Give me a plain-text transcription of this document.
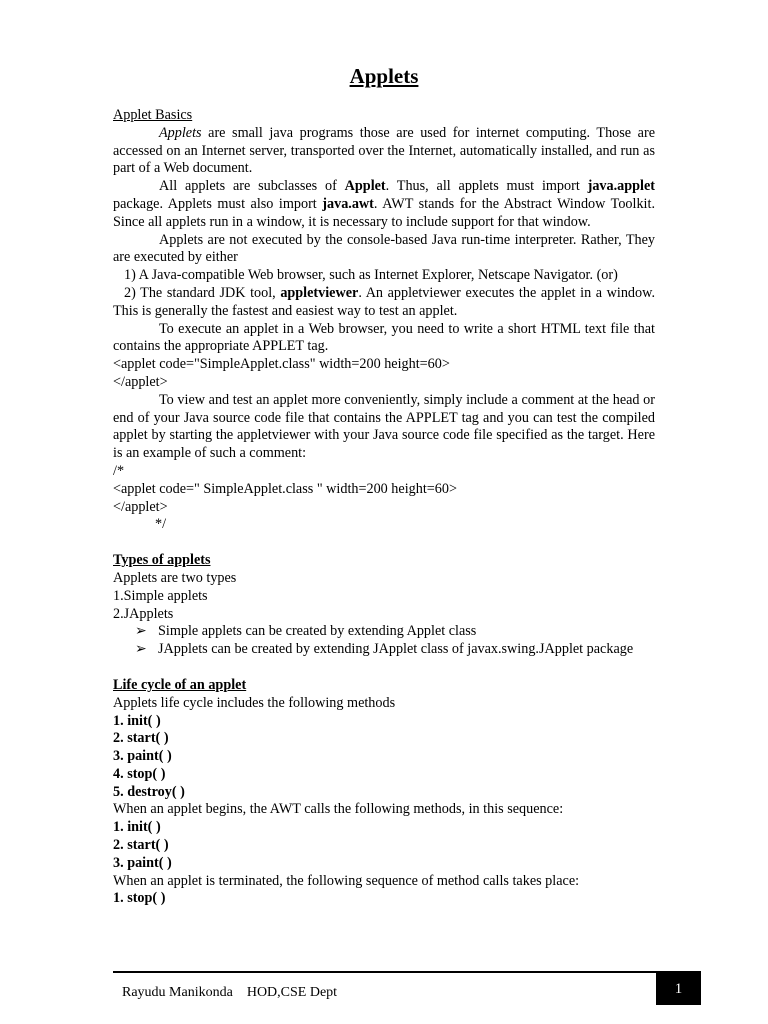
Applets

Applet Basics

Applets are small java programs those are used for internet computing. Those are accessed on an Internet server, transported over the Internet, automatically installed, and run as part of a Web document.

All applets are subclasses of Applet. Thus, all applets must import java.applet package. Applets must also import java.awt. AWT stands for the Abstract Window Toolkit. Since all applets run in a window, it is necessary to include support for that window.

Applets are not executed by the console-based Java run-time interpreter. Rather, They are executed by either

1) A Java-compatible Web browser, such as Internet Explorer, Netscape Navigator. (or)

2) The standard JDK tool, appletviewer. An appletviewer executes the applet in a window. This is generally the fastest and easiest way to test an applet.

To execute an applet in a Web browser, you need to write a short HTML text file that contains the appropriate APPLET tag.

<applet code="SimpleApplet.class" width=200 height=60>

</applet>

To view and test an applet more conveniently, simply include a comment at the head or end of your Java source code file that contains the APPLET tag and you can test the compiled applet by starting the appletviewer with your Java source code file specified as the target. Here is an example of such a comment:

/*

<applet code=" SimpleApplet.class " width=200 height=60>

</applet>

*/

Types of applets

Applets are two types

1.Simple applets

2.JApplets

➢ Simple applets can be created by extending Applet class
➢ JApplets can be created by extending JApplet class of javax.swing.JApplet package

Life cycle of an applet

Applets life cycle includes the following methods

1. init( )

2. start( )

3. paint( )

4. stop( )

5. destroy( )

When an applet begins, the AWT calls the following methods, in this sequence:

1. init( )

2. start( )

3. paint( )

When an applet is terminated, the following sequence of method calls takes place:

1. stop( )

Rayudu Manikonda HOD,CSE Dept	1
